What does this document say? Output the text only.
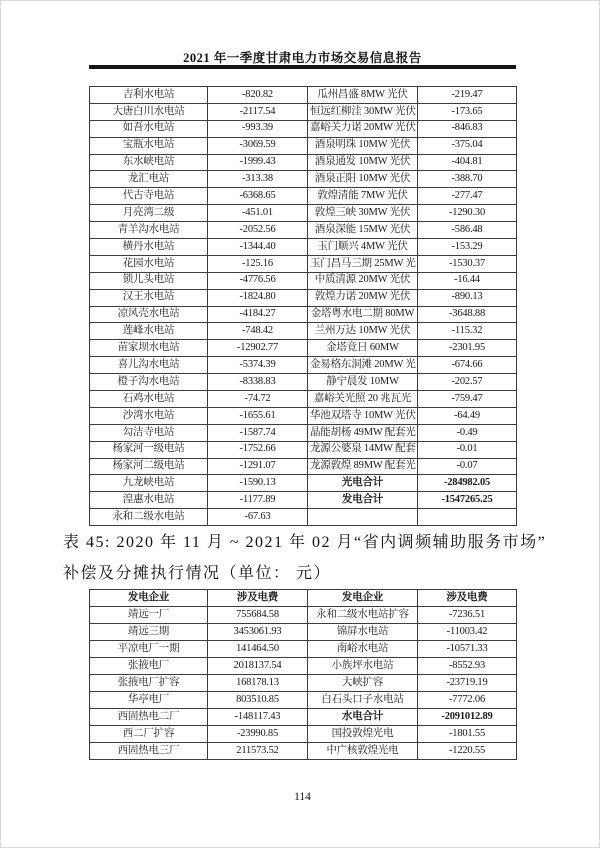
2021 年一季度甘肃电力市场交易信息报告
吉利水电站	-820.82	瓜州昌盛 8MW 光伏	-219.47
大唐白川水电站	-2117.54	恒远红柳洼 30MW 光伏	-173.65
如吾水电站	-993.39	嘉峪关力诺 20MW 光伏	-846.83
宝瓶水电站	-3069.59	酒泉明珠 10MW 光伏	-375.04
东水峡电站	-1999.43	酒泉通发 10MW 光伏	-404.81
龙汇电站	-313.38	酒泉正阳 10MW 光伏	-388.70
代古寺电站	-6368.65	敦煌清能 7MW 光伏	-277.47
月亮湾二级	-451.01	敦煌三峡 30MW 光伏	-1290.30
青羊沟水电站	-2052.56	酒泉深能 15MW 光伏	-586.48
横丹水电站	-1344.40	玉门顺兴 4MW 光伏	-153.29
花园水电站	-125.16	玉门昌马三期 25MW 光	-1530.37
锁儿头电站	-4776.56	中质清源 20MW 光伏	-16.44
汉王水电站	-1824.80	敦煌力诺 20MW 光伏	-890.13
凉风壳水电站	-4184.27	金塔粤水电二期 80MW	-3648.88
莲峰水电站	-748.42	兰州万达 10MW 光伏	-115.32
苗家坝水电站	-12902.77	金塔竟日 60MW	-2301.95
喜儿沟水电站	-5374.39	金易格东洞滩 20MW 光	-674.66
橙子沟水电站	-8338.83	静宁晨发 10MW	-202.57
石鸡水电站	-74.72	嘉峪关光照 20 兆瓦光	-759.47
沙湾水电站	-1655.61	华池双塔寺 10MW 光伏	-64.49
勾洁寺电站	-1587.74	晶能胡杨 49MW 配套光	-0.49
杨家河一级电站	-1752.66	龙源公婆泉 14MW 配套	-0.01
杨家河二级电站	-1291.07	龙源敦煌 89MW 配套光	-0.07
九龙峡电站	-1590.13	光电合计	-284982.05
湟惠水电站	-1177.89	发电合计	-1547265.25
永和二级水电站	-67.63		
表 45: 2020 年 11 月 ~ 2021 年 02 月“省内调频辅助服务市场”
补偿及分摊执行情况（单位： 元）
发电企业	涉及电费	发电企业	涉及电费
靖远一厂	755684.58	永和二级水电站扩容	-7236.51
靖远三期	3453061.93	锦屏水电站	-11003.42
平凉电厂一期	141464.50	南峪水电站	-10571.33
张掖电厂	2018137.54	小族坪水电站	-8552.93
张掖电厂扩容	168178.13	大峡扩容	-23719.19
华亭电厂	803510.85	白石头口子水电站	-7772.06
西固热电二厂	-148117.43	水电合计	-2091012.89
西二厂扩容	-23990.85	国投敦煌光电	-1801.55
西固热电三厂	211573.52	中广核敦煌光电	-1220.55
114
